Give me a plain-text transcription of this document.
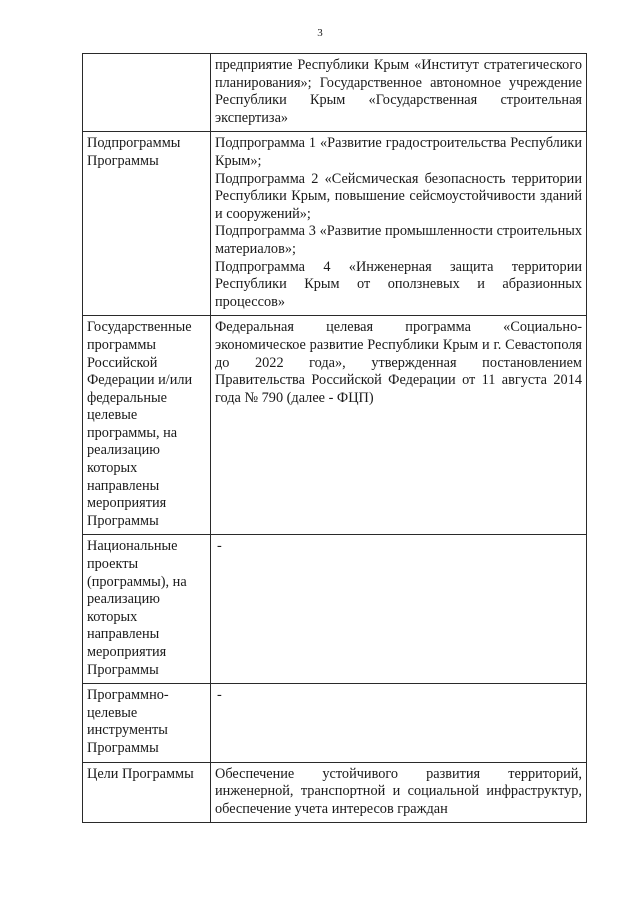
3

	предприятие Республики Крым «Институт стратегического планирования»; Государственное автономное учреждение Республики Крым «Государственная строительная экспертиза»

Подпрограммы Программы	Подпрограмма 1 «Развитие градостроительства Республики Крым»;
Подпрограмма 2 «Сейсмическая безопасность территории Республики Крым, повышение сейсмоустойчивости зданий и сооружений»;
Подпрограмма 3 «Развитие промышленности строительных материалов»;
Подпрограмма 4 «Инженерная защита территории Республики Крым от оползневых и абразионных процессов»

Государственные программы Российской Федерации и/или федеральные целевые программы, на реализацию которых направлены мероприятия Программы	Федеральная целевая программа «Социально-экономическое развитие Республики Крым и г. Севастополя до 2022 года», утвержденная постановлением Правительства Российской Федерации от 11 августа 2014 года № 790 (далее - ФЦП)

Национальные проекты (программы), на реализацию которых направлены мероприятия Программы	-
Программно-целевые инструменты Программы	-
Цели Программы	Обеспечение устойчивого развития территорий, инженерной, транспортной и социальной инфраструктур, обеспечение учета интересов граждан
